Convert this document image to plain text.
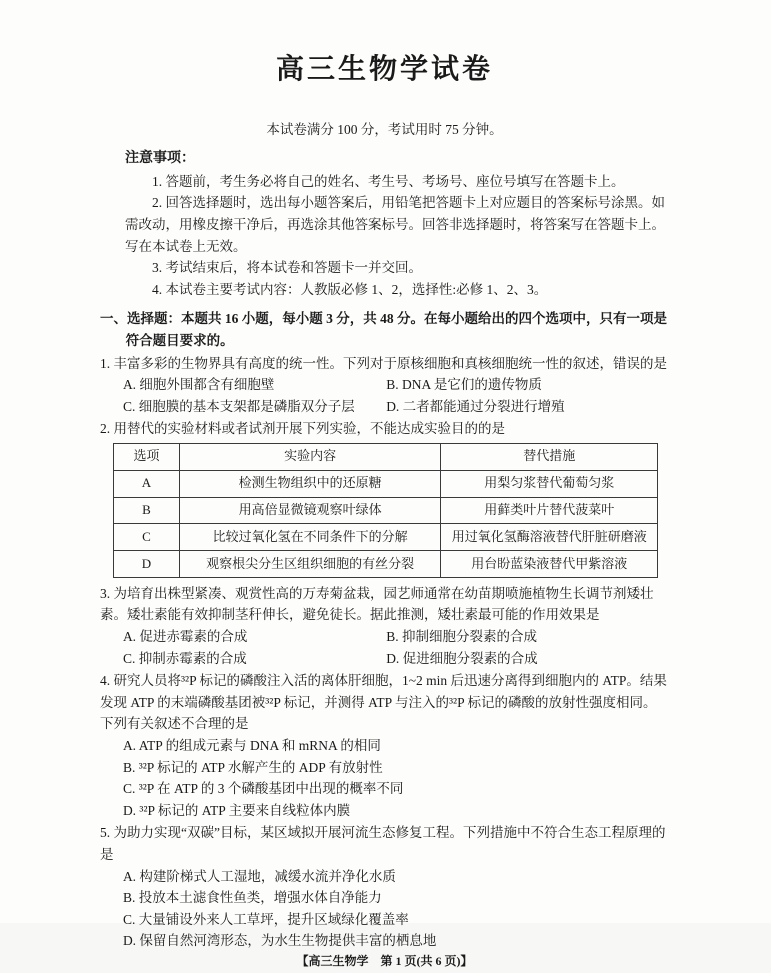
高三生物学试卷

本试卷满分 100 分，考试用时 75 分钟。

注意事项：

1. 答题前，考生务必将自己的姓名、考生号、考场号、座位号填写在答题卡上。

2. 回答选择题时，选出每小题答案后，用铅笔把答题卡上对应题目的答案标号涂黑。如需改动，用橡皮擦干净后，再选涂其他答案标号。回答非选择题时，将答案写在答题卡上。写在本试卷上无效。

3. 考试结束后，将本试卷和答题卡一并交回。

4. 本试卷主要考试内容：人教版必修 1、2，选择性:必修 1、2、3。

一、选择题：本题共 16 小题，每小题 3 分，共 48 分。在每小题给出的四个选项中，只有一项是符合题目要求的。

1. 丰富多彩的生物界具有高度的统一性。下列对于原核细胞和真核细胞统一性的叙述，错误的是

A. 细胞外围都含有细胞壁	B. DNA 是它们的遗传物质
C. 细胞膜的基本支架都是磷脂双分子层 D. 二者都能通过分裂进行增殖

2. 用替代的实验材料或者试剂开展下列实验，不能达成实验目的的是

选项	实验内容	替代措施
A	检测生物组织中的还原糖	用梨匀浆替代葡萄匀浆
B	用高倍显微镜观察叶绿体	用藓类叶片替代菠菜叶
C	比较过氧化氢在不同条件下的分解	用过氧化氢酶溶液替代肝脏研磨液
D	观察根尖分生区组织细胞的有丝分裂	用台盼蓝染液替代甲紫溶液

3. 为培育出株型紧凑、观赏性高的万寿菊盆栽，园艺师通常在幼苗期喷施植物生长调节剂矮壮素。矮壮素能有效抑制茎秆伸长，避免徒长。据此推测，矮壮素最可能的作用效果是

A. 促进赤霉素的合成	B. 抑制细胞分裂素的合成
C. 抑制赤霉素的合成	D. 促进细胞分裂素的合成

4. 研究人员将³²P 标记的磷酸注入活的离体肝细胞，1~2 min 后迅速分离得到细胞内的 ATP。结果发现 ATP 的末端磷酸基团被³²P 标记，并测得 ATP 与注入的³²P 标记的磷酸的放射性强度相同。下列有关叙述不合理的是

A. ATP 的组成元素与 DNA 和 mRNA 的相同
B. ³²P 标记的 ATP 水解产生的 ADP 有放射性
C. ³²P 在 ATP 的 3 个磷酸基团中出现的概率不同
D. ³²P 标记的 ATP 主要来自线粒体内膜

5. 为助力实现“双碳”目标，某区域拟开展河流生态修复工程。下列措施中不符合生态工程原理的是

A. 构建阶梯式人工湿地，减缓水流并净化水质
B. 投放本土滤食性鱼类，增强水体自净能力
C. 大量铺设外来人工草坪，提升区域绿化覆盖率
D. 保留自然河湾形态，为水生生物提供丰富的栖息地
【高三生物学　第 1 页(共 6 页)】
